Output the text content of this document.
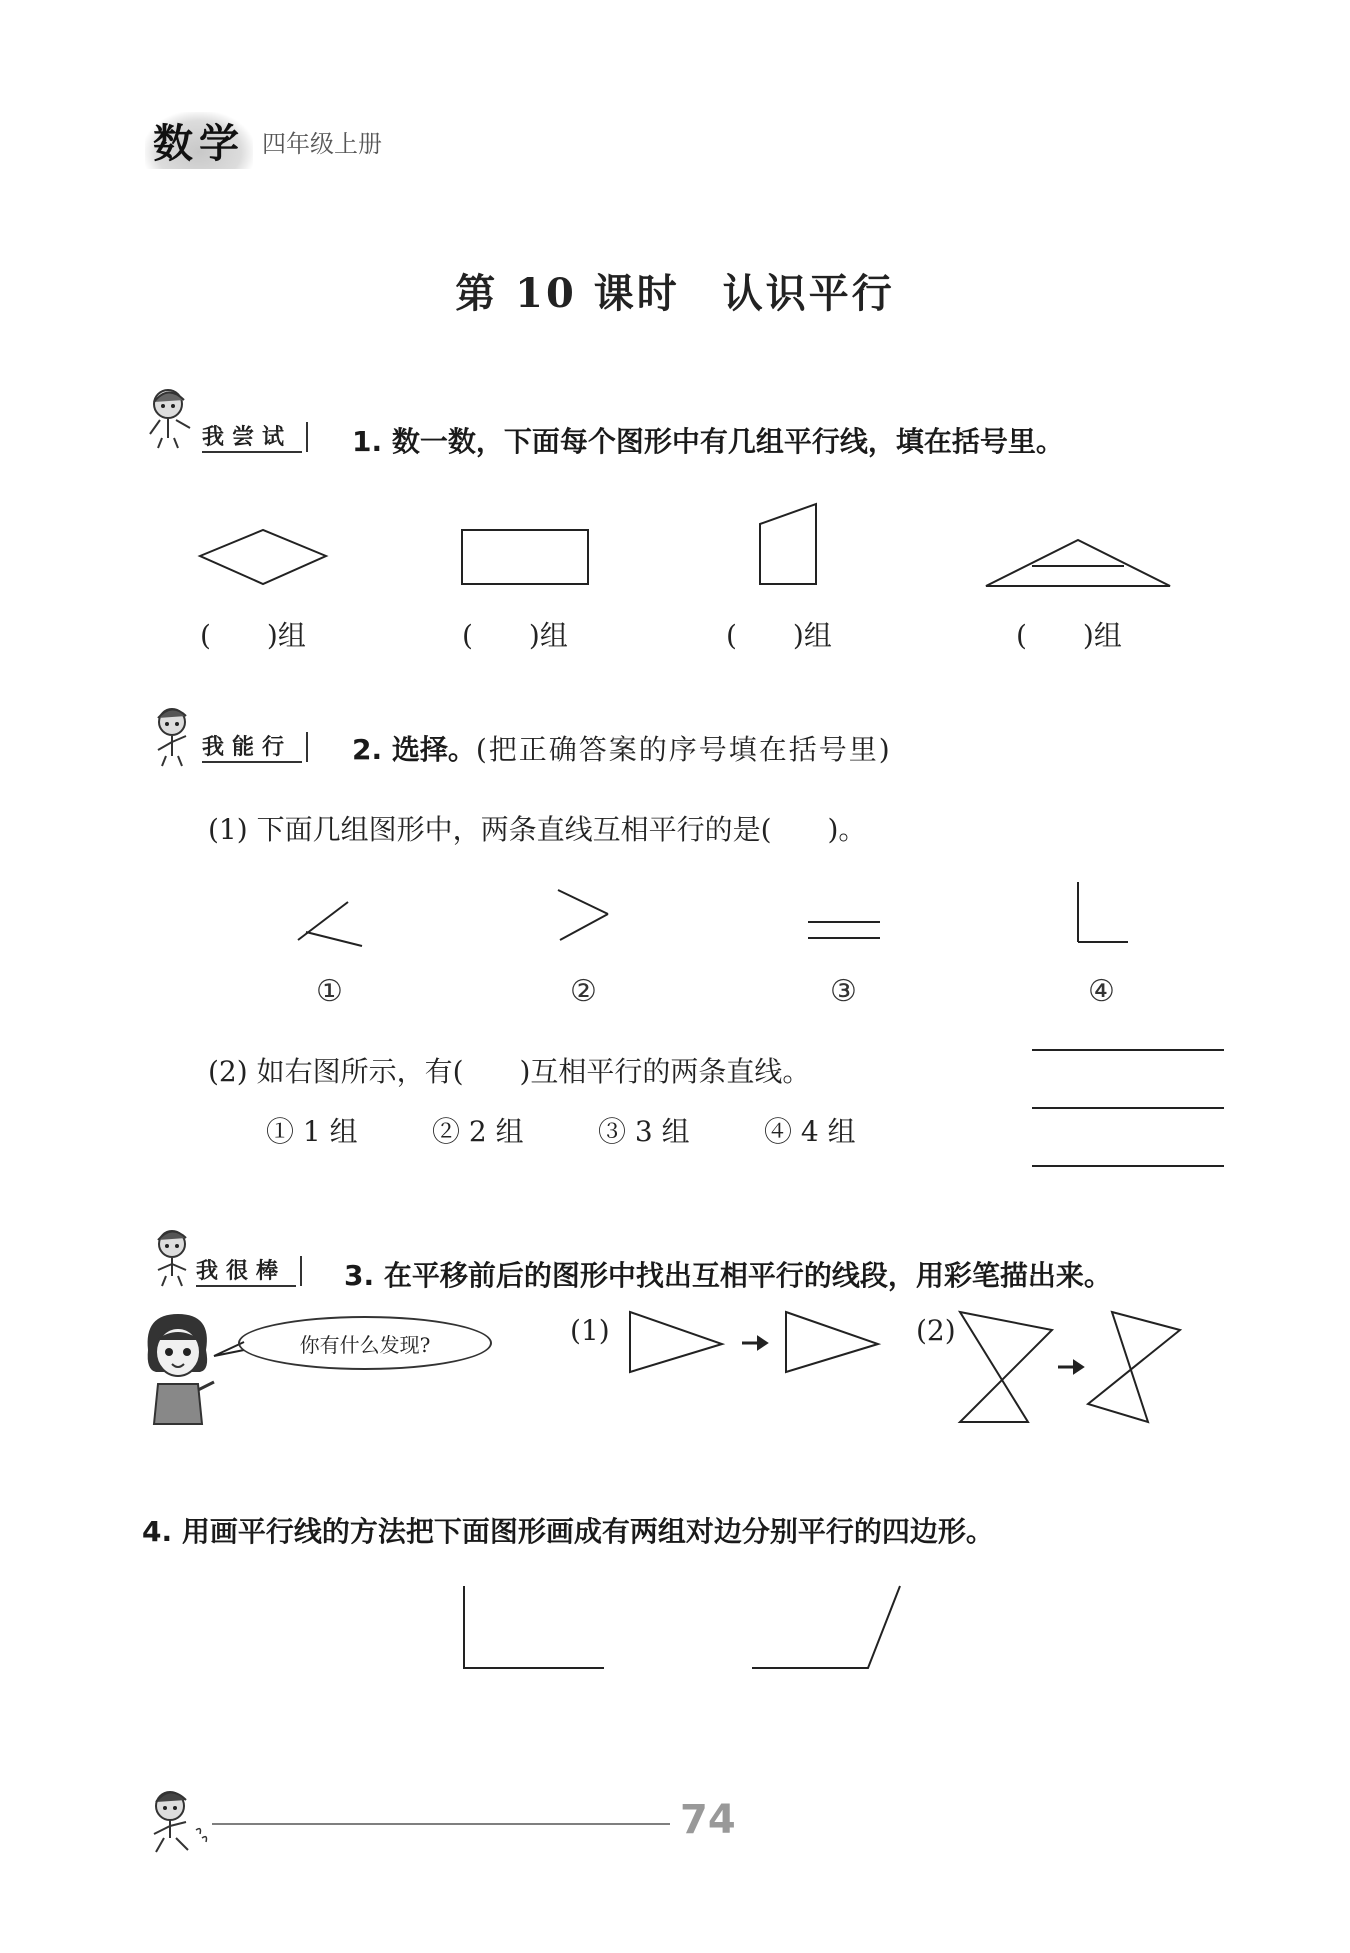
数学 四年级上册
第 10 课时　认识平行
我尝试	1. 数一数，下面每个图形中有几组平行线，填在括号里。
(　　)组	(　　)组	(　　)组	(　　)组
我能行	2. 选择。(把正确答案的序号填在括号里)
(1) 下面几组图形中，两条直线互相平行的是(　　)。
①	②	③	④
(2) 如右图所示，有(　　)互相平行的两条直线。
① 1 组	② 2 组	③ 3 组	④ 4 组
我很棒	3. 在平移前后的图形中找出互相平行的线段，用彩笔描出来。
你有什么发现?	(1)	(2)
4. 用画平行线的方法把下面图形画成有两组对边分别平行的四边形。
74
